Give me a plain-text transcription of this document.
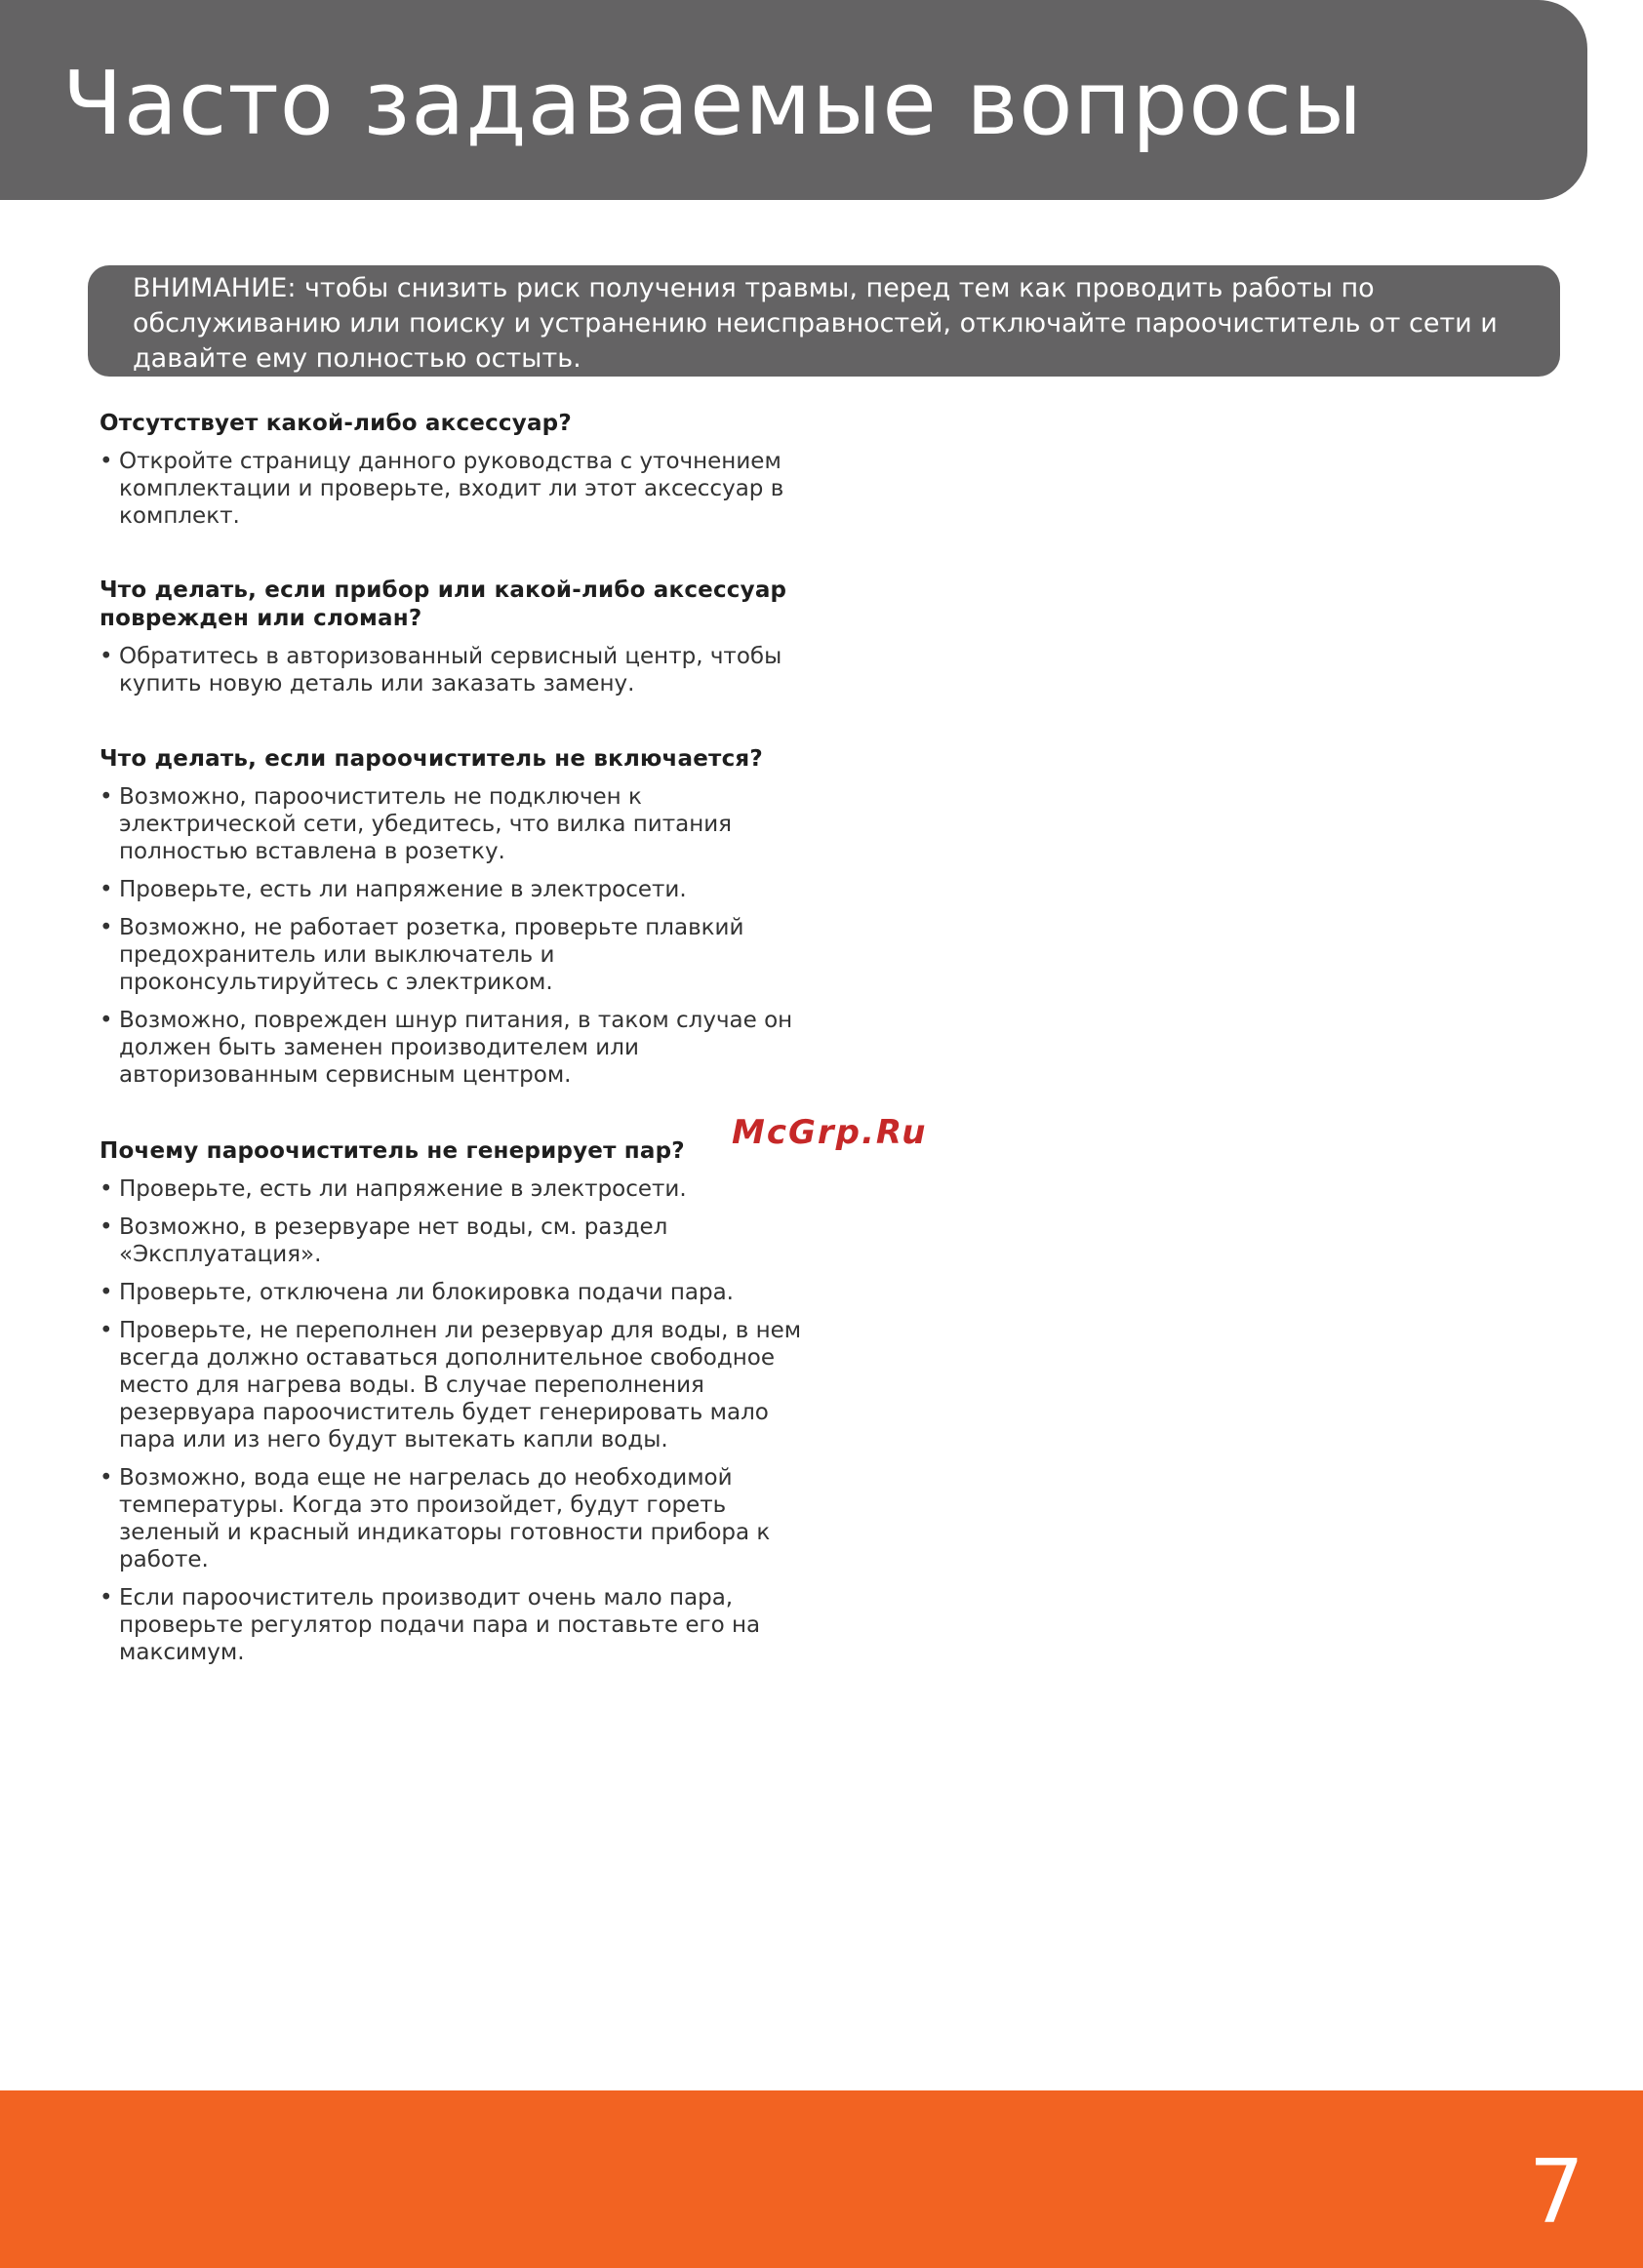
Часто задаваемые вопросы

ВНИМАНИЕ: чтобы снизить риск получения травмы, перед тем как проводить работы по обслуживанию или поиску и устранению неисправностей, отключайте пароочиститель от сети и давайте ему полностью остыть.

Отсутствует какой-либо аксессуар?

• Откройте страницу данного руководства с уточнением комплектации и проверьте, входит ли этот аксессуар в комплект.

Что делать, если прибор или какой-либо аксессуар поврежден или сломан?

• Обратитесь в авторизованный сервисный центр, чтобы купить новую деталь или заказать замену.

Что делать, если пароочиститель не включается?

• Возможно, пароочиститель не подключен к электрической сети, убедитесь, что вилка питания полностью вставлена в розетку.

• Проверьте, есть ли напряжение в электросети.

• Возможно, не работает розетка, проверьте плавкий предохранитель или выключатель и проконсультируйтесь с электриком.

• Возможно, поврежден шнур питания, в таком случае он должен быть заменен производителем или авторизованным сервисным центром.

Почему пароочиститель не генерирует пар?

• Проверьте, есть ли напряжение в электросети.

• Возможно, в резервуаре нет воды, см. раздел «Эксплуатация».

• Проверьте, отключена ли блокировка подачи пара.

• Проверьте, не переполнен ли резервуар для воды, в нем всегда должно оставаться дополнительное свободное место для нагрева воды. В случае переполнения резервуара пароочиститель будет генерировать мало пара или из него будут вытекать капли воды.

• Возможно, вода еще не нагрелась до необходимой температуры. Когда это произойдет, будут гореть зеленый и красный индикаторы готовности прибора к работе.

• Если пароочиститель производит очень мало пара, проверьте регулятор подачи пара и поставьте его на максимум.

McGrp.Ru
7
